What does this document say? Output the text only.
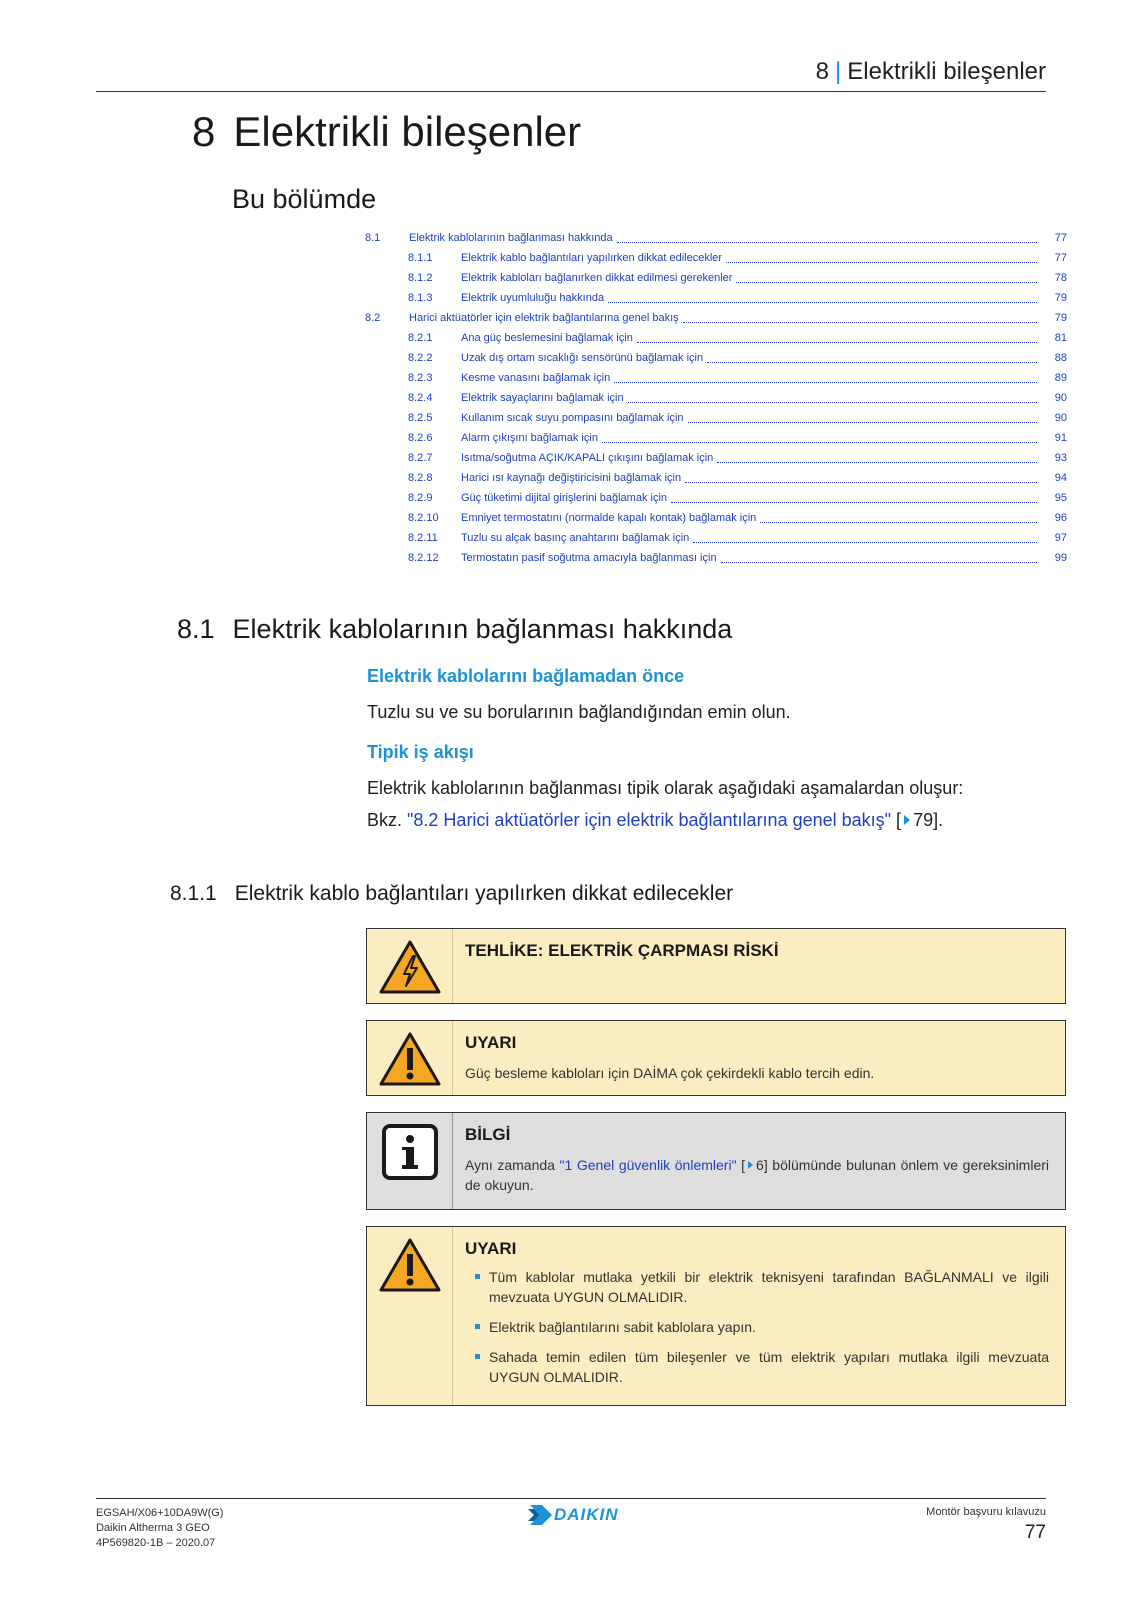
8 | Elektrikli bileşenler
8 Elektrikli bileşenler
Bu bölümde
8.1	Elektrik kablolarının bağlanması hakkında	77
8.1.1	Elektrik kablo bağlantıları yapılırken dikkat edilecekler	77
8.1.2	Elektrik kabloları bağlanırken dikkat edilmesi gerekenler	78
8.1.3	Elektrik uyumluluğu hakkında	79
8.2	Harici aktüatörler için elektrik bağlantılarına genel bakış	79
8.2.1	Ana güç beslemesini bağlamak için	81
8.2.2	Uzak dış ortam sıcaklığı sensörünü bağlamak için	88
8.2.3	Kesme vanasını bağlamak için	89
8.2.4	Elektrik sayaçlarını bağlamak için	90
8.2.5	Kullanım sıcak suyu pompasını bağlamak için	90
8.2.6	Alarm çıkışını bağlamak için	91
8.2.7	Isıtma/soğutma AÇIK/KAPALI çıkışını bağlamak için	93
8.2.8	Harici ısı kaynağı değiştiricisini bağlamak için	94
8.2.9	Güç tüketimi dijital girişlerini bağlamak için	95
8.2.10	Emniyet termostatını (normalde kapalı kontak) bağlamak için	96
8.2.11	Tuzlu su alçak basınç anahtarını bağlamak için	97
8.2.12	Termostatın pasif soğutma amacıyla bağlanması için	99
8.1 Elektrik kablolarının bağlanması hakkında
Elektrik kablolarını bağlamadan önce
Tuzlu su ve su borularının bağlandığından emin olun.
Tipik iş akışı
Elektrik kablolarının bağlanması tipik olarak aşağıdaki aşamalardan oluşur:
Bkz. "8.2 Harici aktüatörler için elektrik bağlantılarına genel bakış" [ 79].
8.1.1 Elektrik kablo bağlantıları yapılırken dikkat edilecekler
TEHLİKE: ELEKTRİK ÇARPMASI RİSKİ
UYARI
Güç besleme kabloları için DAİMA çok çekirdekli kablo tercih edin.
BİLGİ
Aynı zamanda "1 Genel güvenlik önlemleri" [ 6] bölümünde bulunan önlem ve gereksinimleri de okuyun.
UYARI
Tüm kablolar mutlaka yetkili bir elektrik teknisyeni tarafından BAĞLANMALI ve ilgili mevzuata UYGUN OLMALIDIR.
Elektrik bağlantılarını sabit kablolara yapın.
Sahada temin edilen tüm bileşenler ve tüm elektrik yapıları mutlaka ilgili mevzuata UYGUN OLMALIDIR.
EGSAH/X06+10DA9W(G)
Daikin Altherma 3 GEO
4P569820-1B – 2020.07
DAIKIN	Montör başvuru kılavuzu
77
